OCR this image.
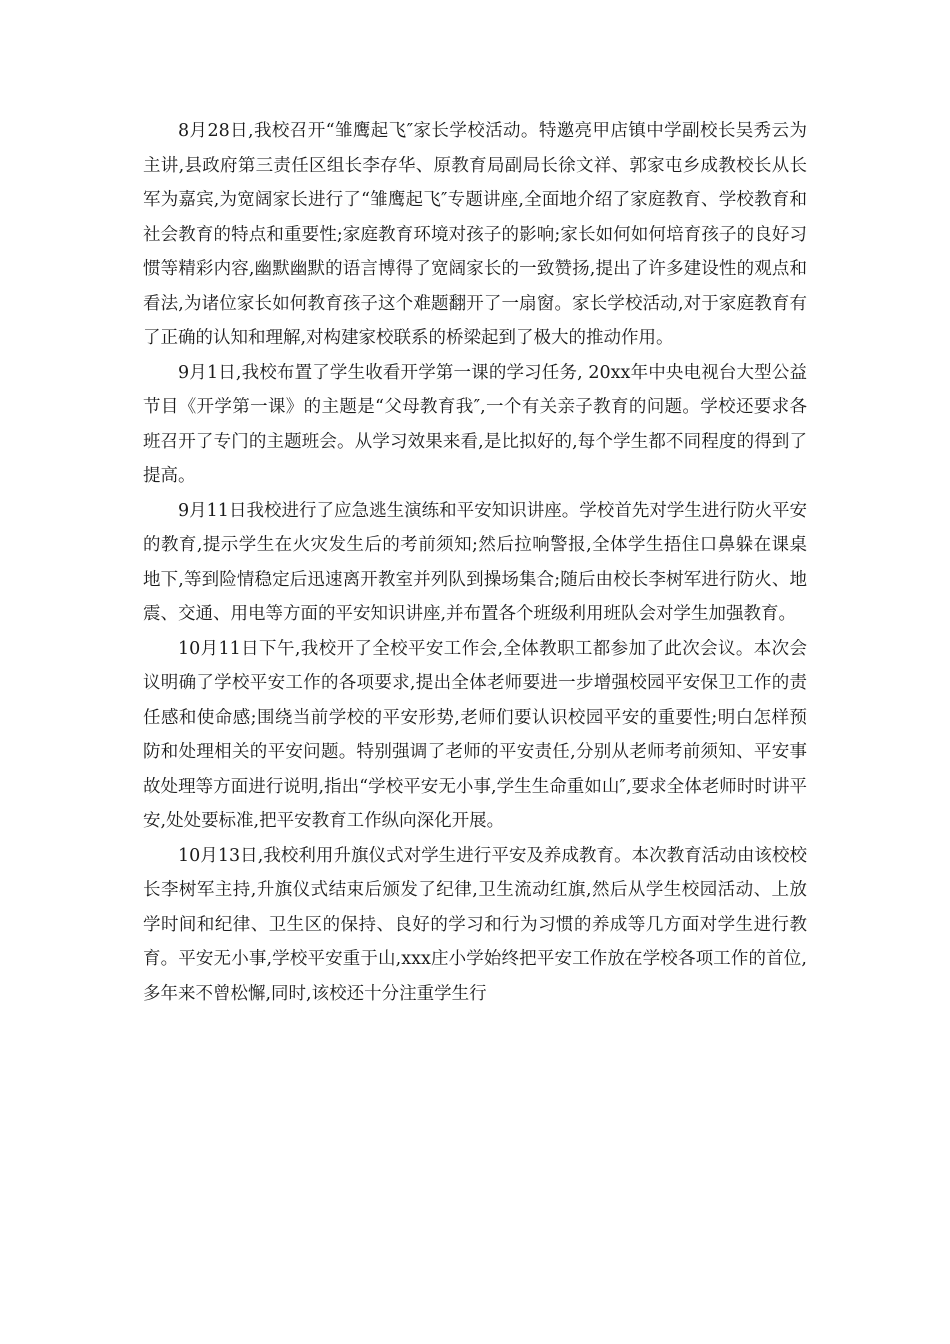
8月28日,我校召开“雏鹰起飞″家长学校活动。特邀亮甲店镇中学副校长吴秀云为主讲,县政府第三责任区组长李存华、原教育局副局长徐文祥、郭家屯乡成教校长从长军为嘉宾,为宽阔家长进行了“雏鹰起飞″专题讲座,全面地介绍了家庭教育、学校教育和社会教育的特点和重要性;家庭教育环境对孩子的影响;家长如何如何培育孩子的良好习惯等精彩内容,幽默幽默的语言博得了宽阔家长的一致赞扬,提出了许多建设性的观点和看法,为诸位家长如何教育孩子这个难题翻开了一扇窗。家长学校活动,对于家庭教育有了正确的认知和理解,对构建家校联系的桥梁起到了极大的推动作用。

9月1日,我校布置了学生收看开学第一课的学习任务, 20xx年中央电视台大型公益节目《开学第一课》的主题是“父母教育我″,一个有关亲子教育的问题。学校还要求各班召开了专门的主题班会。从学习效果来看,是比拟好的,每个学生都不同程度的得到了提高。

9月11日我校进行了应急逃生演练和平安知识讲座。学校首先对学生进行防火平安的教育,提示学生在火灾发生后的考前须知;然后拉响警报,全体学生捂住口鼻躲在课桌地下,等到险情稳定后迅速离开教室并列队到操场集合;随后由校长李树军进行防火、地震、交通、用电等方面的平安知识讲座,并布置各个班级利用班队会对学生加强教育。

10月11日下午,我校开了全校平安工作会,全体教职工都参加了此次会议。本次会议明确了学校平安工作的各项要求,提出全体老师要进一步增强校园平安保卫工作的责任感和使命感;围绕当前学校的平安形势,老师们要认识校园平安的重要性;明白怎样预防和处理相关的平安问题。特别强调了老师的平安责任,分别从老师考前须知、平安事故处理等方面进行说明,指出“学校平安无小事,学生生命重如山″,要求全体老师时时讲平安,处处要标准,把平安教育工作纵向深化开展。

10月13日,我校利用升旗仪式对学生进行平安及养成教育。本次教育活动由该校校长李树军主持,升旗仪式结束后颁发了纪律,卫生流动红旗,然后从学生校园活动、上放学时间和纪律、卫生区的保持、良好的学习和行为习惯的养成等几方面对学生进行教育。平安无小事,学校平安重于山,xxx庄小学始终把平安工作放在学校各项工作的首位,多年来不曾松懈,同时,该校还十分注重学生行
